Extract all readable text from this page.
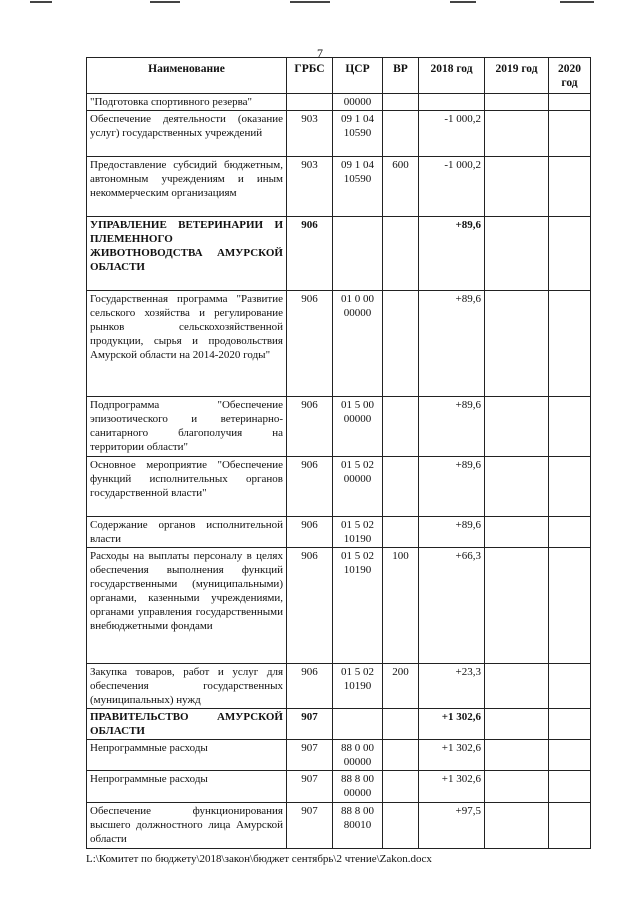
7
Наименование	ГРБС	ЦСР	ВР	2018 год	2019 год	2020 год
"Подготовка спортивного резерва"		00000				
Обеспечение деятельности (оказание услуг) государственных учреждений	903	09 1 04 10590		-1 000,2		
Предоставление субсидий бюджетным, автономным учреждениям и иным некоммерческим организациям	903	09 1 04 10590	600	-1 000,2		
УПРАВЛЕНИЕ ВЕТЕРИНАРИИ И ПЛЕМЕННОГО ЖИВОТНОВОДСТВА АМУРСКОЙ ОБЛАСТИ	906			+89,6		
Государственная программа "Развитие сельского хозяйства и регулирование рынков сельскохозяйственной продукции, сырья и продовольствия Амурской области на 2014-2020 годы"	906	01 0 00 00000		+89,6		
Подпрограмма "Обеспечение эпизоотического и ветеринарно-санитарного благополучия на территории области"	906	01 5 00 00000		+89,6		
Основное мероприятие "Обеспечение функций исполнительных органов государственной власти"	906	01 5 02 00000		+89,6		
Содержание органов исполнительной власти	906	01 5 02 10190		+89,6		
Расходы на выплаты персоналу в целях обеспечения выполнения функций государственными (муниципальными) органами, казенными учреждениями, органами управления государственными внебюджетными фондами	906	01 5 02 10190	100	+66,3		
Закупка товаров, работ и услуг для обеспечения государственных (муниципальных) нужд	906	01 5 02 10190	200	+23,3		
ПРАВИТЕЛЬСТВО АМУРСКОЙ ОБЛАСТИ	907			+1 302,6		
Непрограммные расходы	907	88 0 00 00000		+1 302,6		
Непрограммные расходы	907	88 8 00 00000		+1 302,6		
Обеспечение функционирования высшего должностного лица Амурской области	907	88 8 00 80010		+97,5		
L:\Комитет по бюджету\2018\закон\бюджет сентябрь\2 чтение\Zakon.docx
